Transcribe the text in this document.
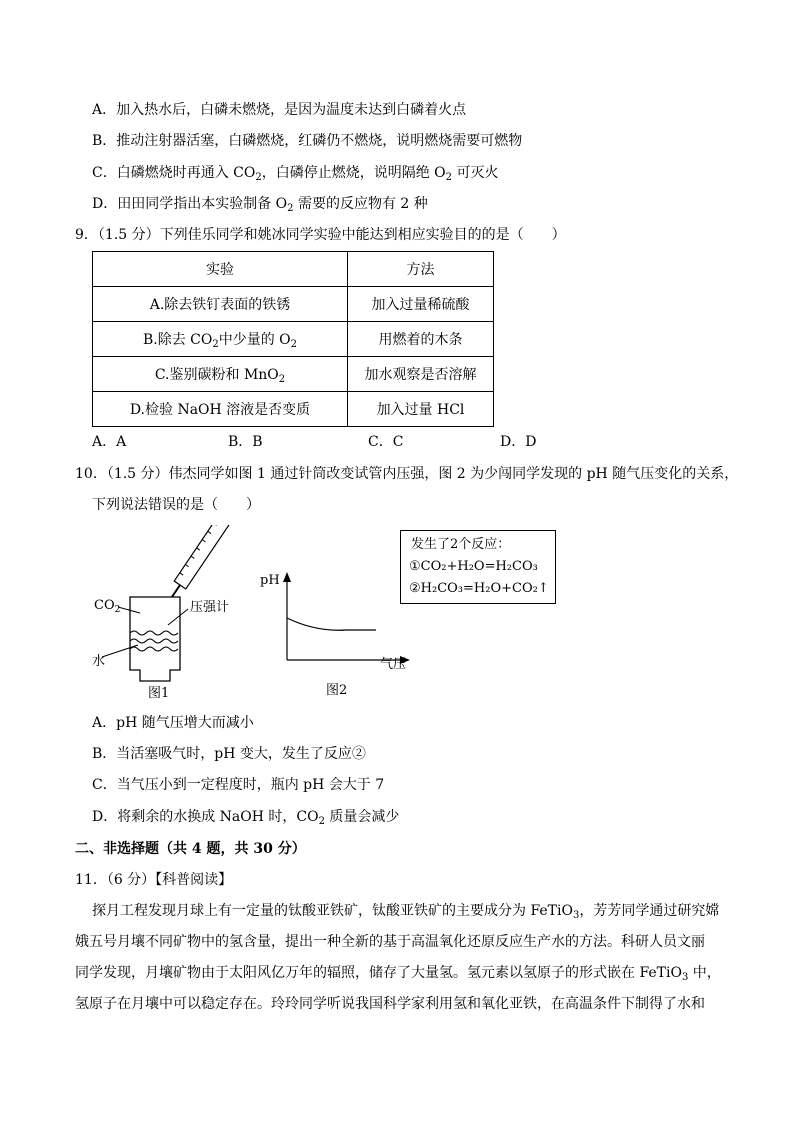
A．加入热水后，白磷未燃烧，是因为温度未达到白磷着火点
B．推动注射器活塞，白磷燃烧，红磷仍不燃烧，说明燃烧需要可燃物
C．白磷燃烧时再通入 $CO_2$，白磷停止燃烧，说明隔绝 $O_2$ 可灭火
D．田田同学指出本实验制备 $O_2$ 需要的反应物有 2 种
9．（1.5 分）下列佳乐同学和姚冰同学实验中能达到相应实验目的的是（　　）
实验	方法
A.除去铁钉表面的铁锈	加入过量稀硫酸
B.除去 $CO_2$中少量的 $O_2$	用燃着的木条
C.鉴别碳粉和 MnO$_2$	加水观察是否溶解
D.检验 NaOH 溶液是否变质	加入过量 HCl
A．A	B．B	C．C	D．D
10．（1.5 分）伟杰同学如图 1 通过针筒改变试管内压强，图 2 为少闯同学发现的 pH 随气压变化的关系，
下列说法错误的是（　　）
$CO_2$	压强计
水
图1
pH
气压
图2
发生了2个反应：
①CO₂+H₂O=H₂CO₃
②H₂CO₃=H₂O+CO₂↑
A．pH 随气压增大而减小
B．当活塞吸气时，pH 变大，发生了反应②
C．当气压小到一定程度时，瓶内 pH 会大于 7
D．将剩余的水换成 NaOH 时，$CO_2$ 质量会减少
二、非选择题（共 4 题，共 30 分）
11．（6 分）【科普阅读】
探月工程发现月球上有一定量的钛酸亚铁矿，钛酸亚铁矿的主要成分为 FeTiO$_3$，芳芳同学通过研究嫦
娥五号月壤不同矿物中的氢含量，提出一种全新的基于高温氧化还原反应生产水的方法。科研人员文丽
同学发现，月壤矿物由于太阳风亿万年的辐照，储存了大量氢。氢元素以氢原子的形式嵌在 FeTiO$_3$ 中，
氢原子在月壤中可以稳定存在。玲玲同学听说我国科学家利用氢和氧化亚铁，在高温条件下制得了水和
